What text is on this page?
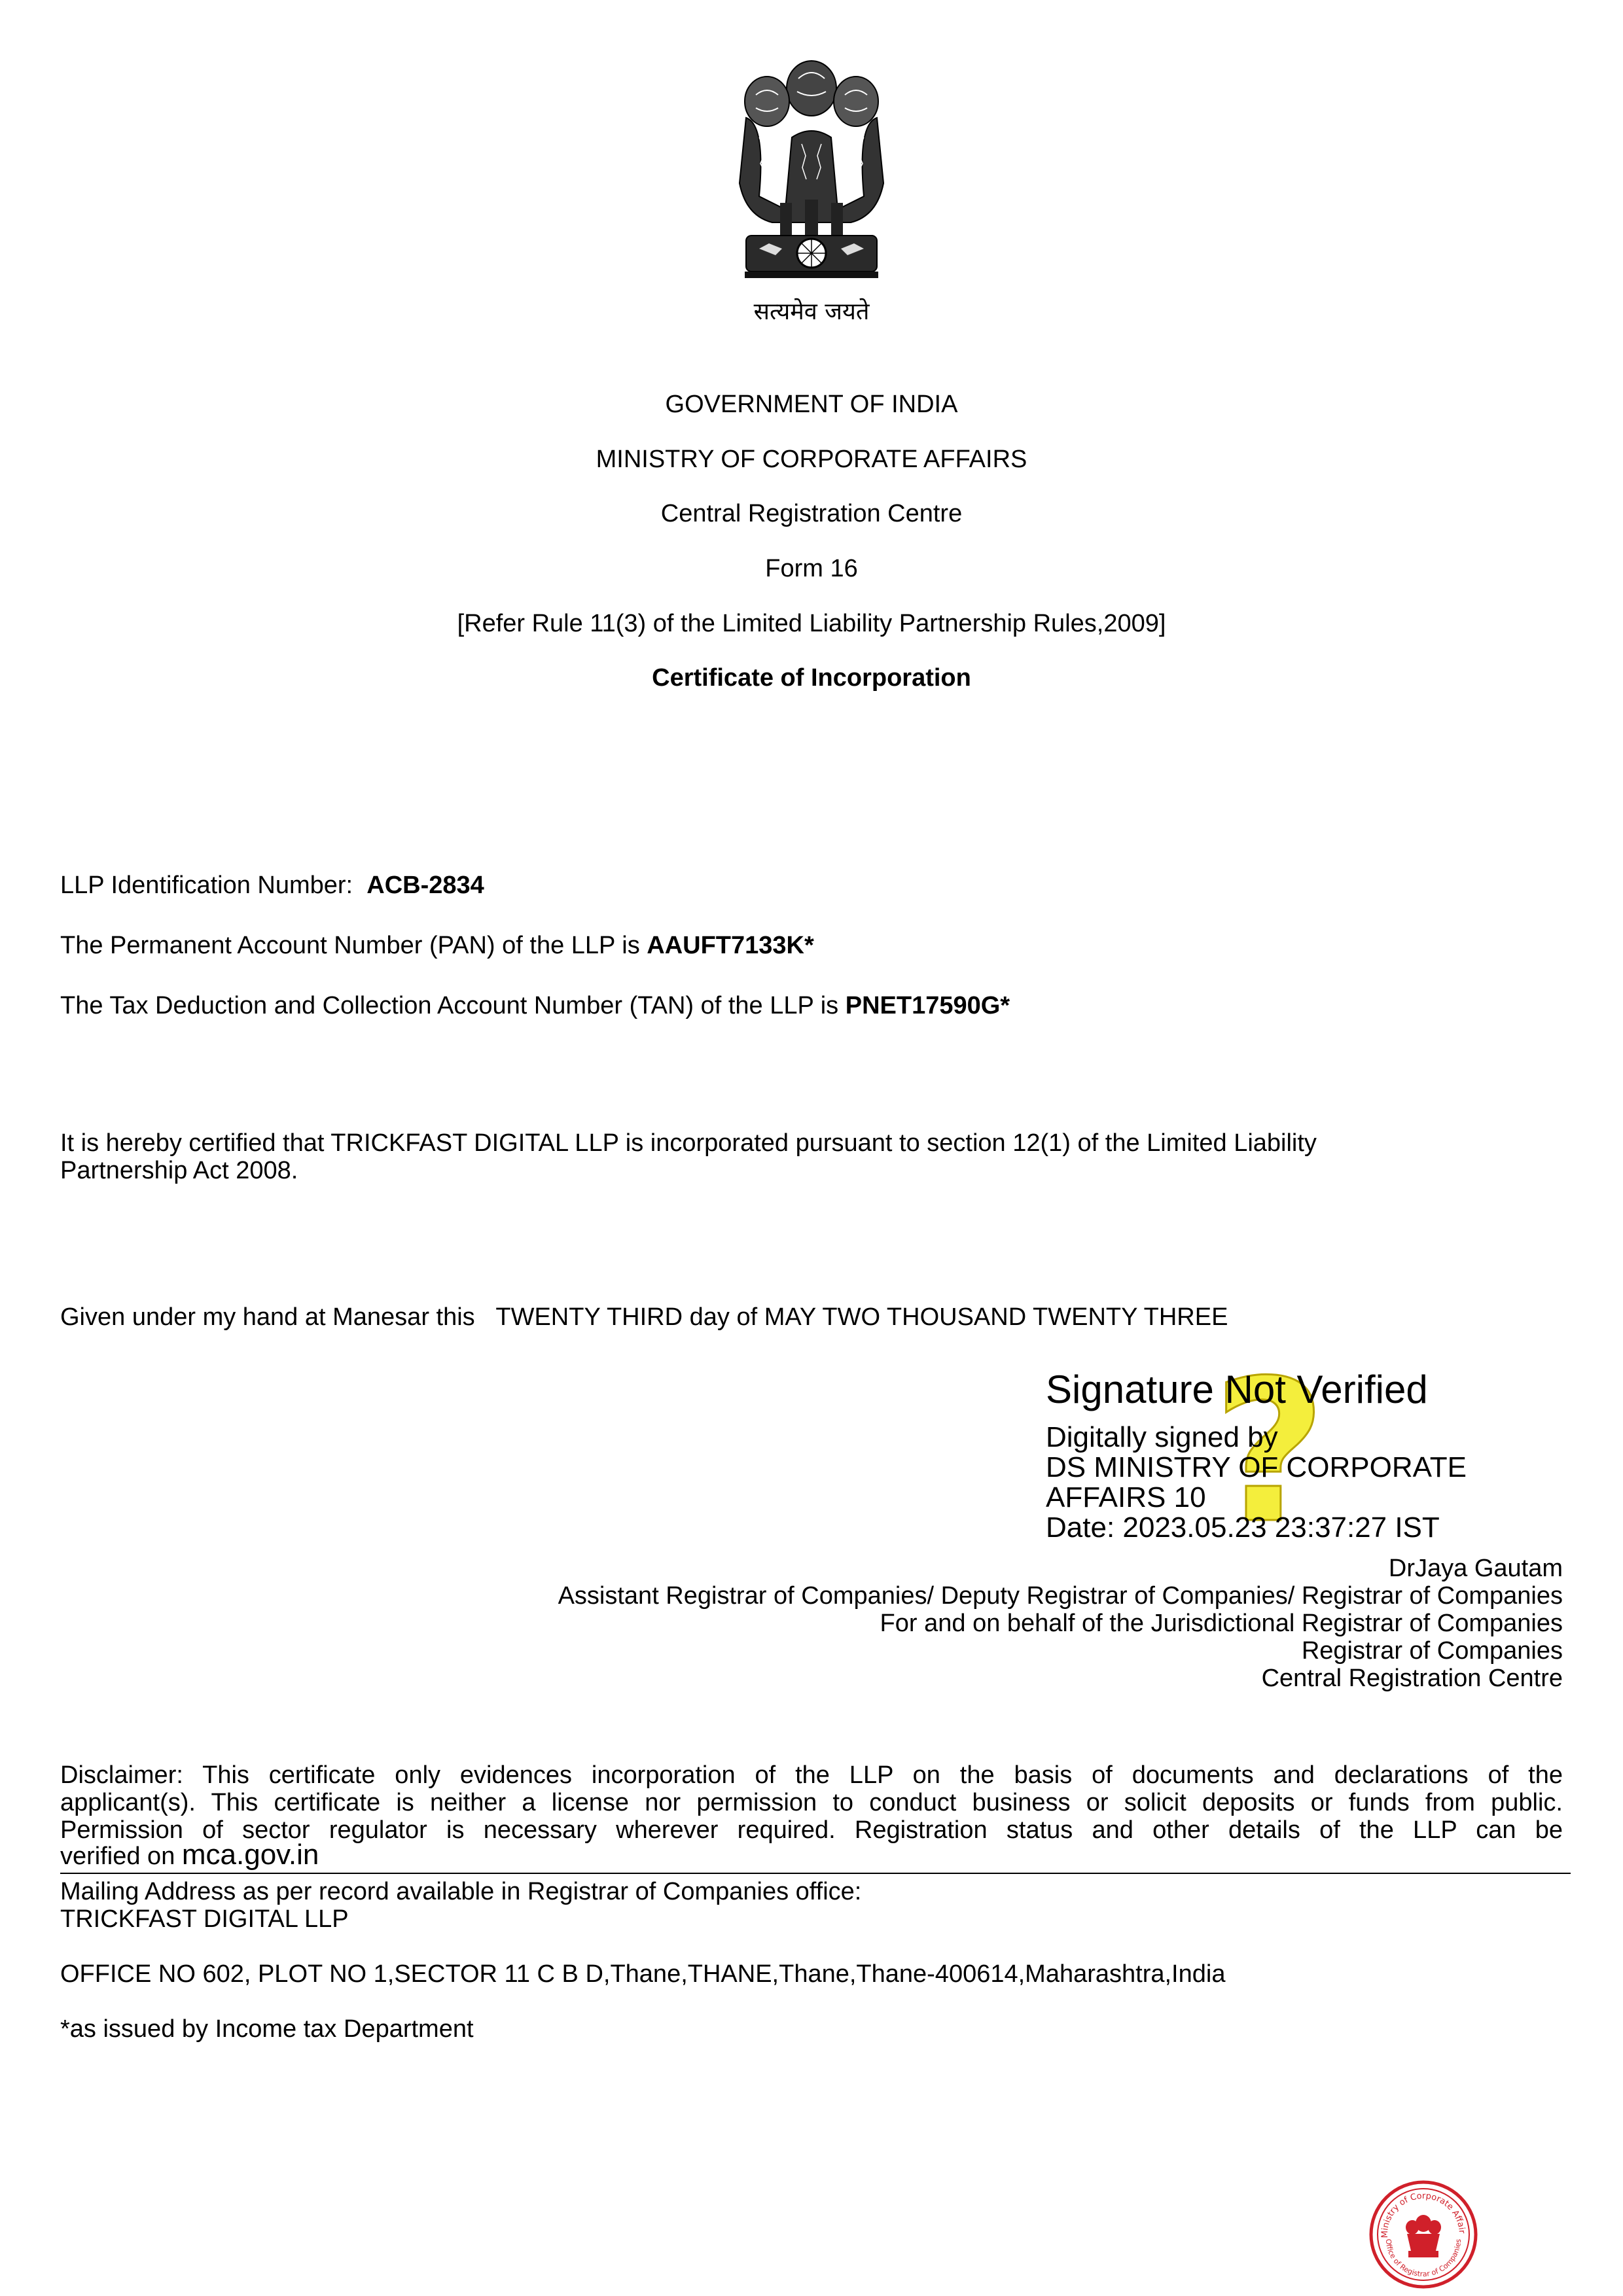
सत्यमेव जयते
GOVERNMENT OF INDIA
MINISTRY OF CORPORATE AFFAIRS
Central Registration Centre
Form 16
[Refer Rule 11(3) of the Limited Liability Partnership Rules,2009]
Certificate of Incorporation
LLP Identification Number: ACB-2834
The Permanent Account Number (PAN) of the LLP is AAUFT7133K*
The Tax Deduction and Collection Account Number (TAN) of the LLP is PNET17590G*
It is hereby certified that TRICKFAST DIGITAL LLP is incorporated pursuant to section 12(1) of the Limited Liability
Partnership Act 2008.
Given under my hand at Manesar this TWENTY THIRD day of MAY TWO THOUSAND TWENTY THREE
?
Signature Not Verified
Digitally signed by
DS MINISTRY OF CORPORATE
AFFAIRS 10
Date: 2023.05.23 23:37:27 IST
DrJaya Gautam
Assistant Registrar of Companies/ Deputy Registrar of Companies/ Registrar of Companies
For and on behalf of the Jurisdictional Registrar of Companies
Registrar of Companies
Central Registration Centre
Disclaimer: This certificate only evidences incorporation of the LLP on the basis of documents and declarations of the
applicant(s). This certificate is neither a license nor permission to conduct business or solicit deposits or funds from public.
Permission of sector regulator is necessary wherever required. Registration status and other details of the LLP can be
verified on mca.gov.in
Mailing Address as per record available in Registrar of Companies office:
TRICKFAST DIGITAL LLP
OFFICE NO 602, PLOT NO 1,SECTOR 11 C B D,Thane,THANE,Thane,Thane-400614,Maharashtra,India
*as issued by Income tax Department
Ministry of Corporate Affairs
Office of Registrar of Companies
